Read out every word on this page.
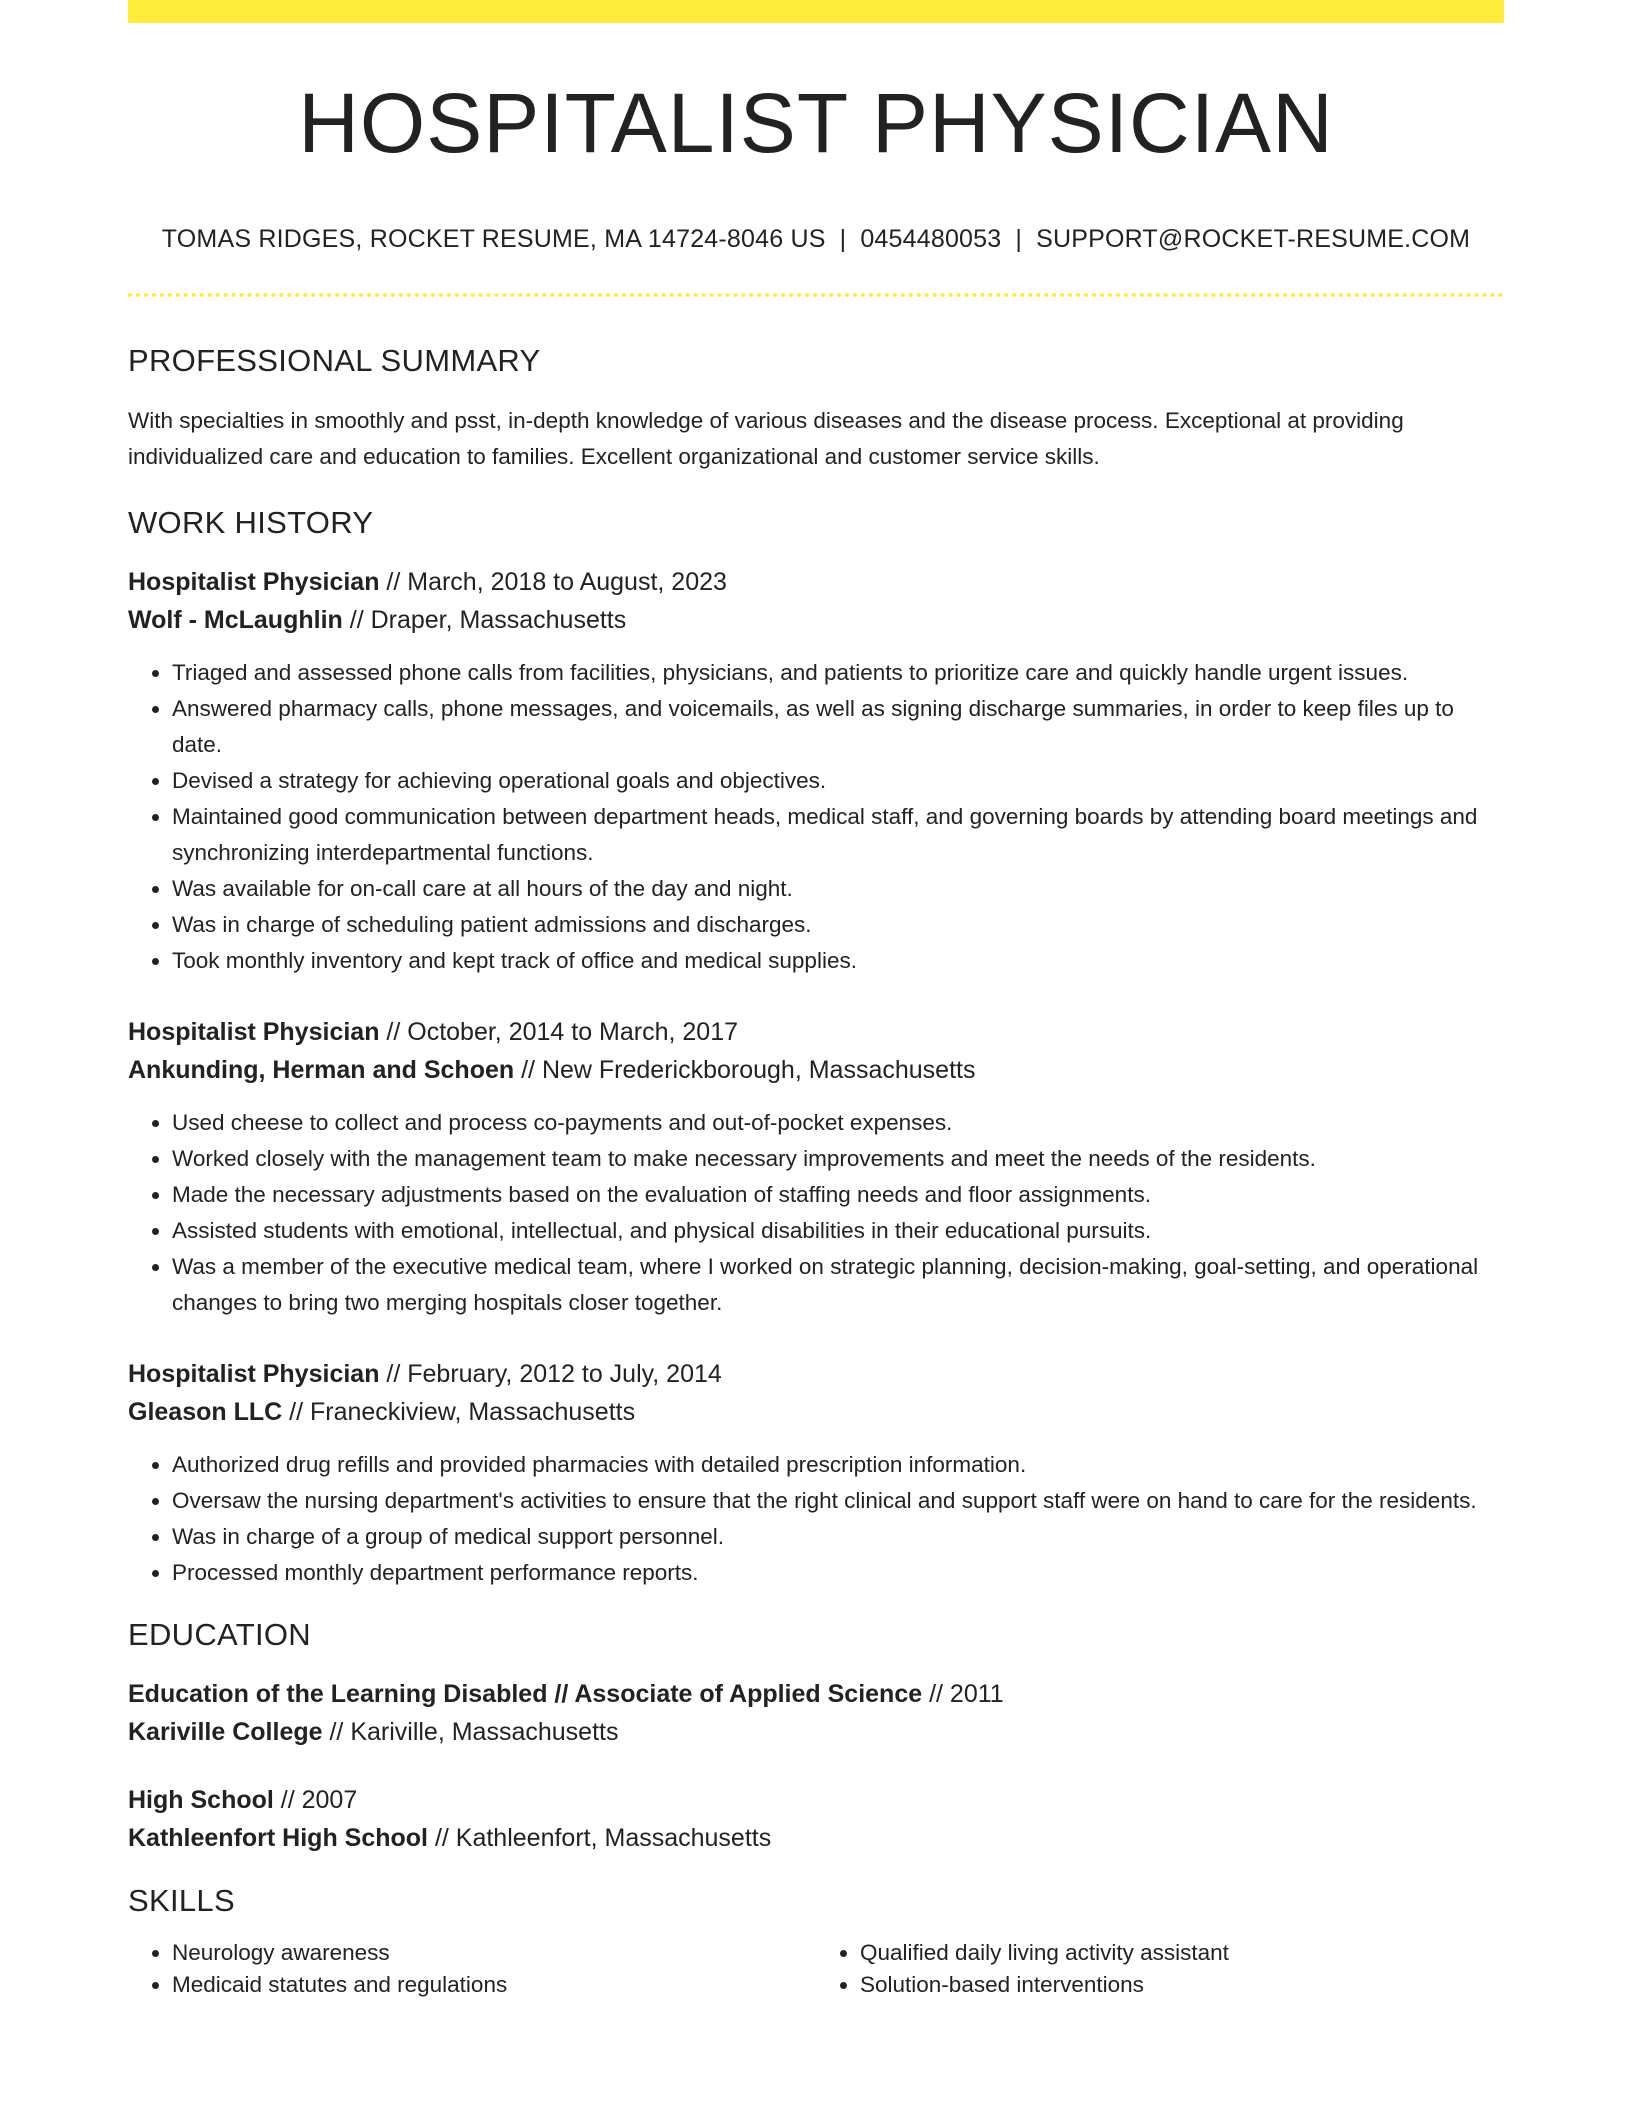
HOSPITALIST PHYSICIAN
TOMAS RIDGES, ROCKET RESUME, MA 14724-8046 US | 0454480053 | SUPPORT@ROCKET-RESUME.COM
PROFESSIONAL SUMMARY
With specialties in smoothly and psst, in-depth knowledge of various diseases and the disease process. Exceptional at providing individualized care and education to families. Excellent organizational and customer service skills.
WORK HISTORY
Hospitalist Physician // March, 2018 to August, 2023
Wolf - McLaughlin // Draper, Massachusetts
• Triaged and assessed phone calls from facilities, physicians, and patients to prioritize care and quickly handle urgent issues.
• Answered pharmacy calls, phone messages, and voicemails, as well as signing discharge summaries, in order to keep files up to date.
• Devised a strategy for achieving operational goals and objectives.
• Maintained good communication between department heads, medical staff, and governing boards by attending board meetings and synchronizing interdepartmental functions.
• Was available for on-call care at all hours of the day and night.
• Was in charge of scheduling patient admissions and discharges.
• Took monthly inventory and kept track of office and medical supplies.
Hospitalist Physician // October, 2014 to March, 2017
Ankunding, Herman and Schoen // New Frederickborough, Massachusetts
• Used cheese to collect and process co-payments and out-of-pocket expenses.
• Worked closely with the management team to make necessary improvements and meet the needs of the residents.
• Made the necessary adjustments based on the evaluation of staffing needs and floor assignments.
• Assisted students with emotional, intellectual, and physical disabilities in their educational pursuits.
• Was a member of the executive medical team, where I worked on strategic planning, decision-making, goal-setting, and operational changes to bring two merging hospitals closer together.
Hospitalist Physician // February, 2012 to July, 2014
Gleason LLC // Franeckiview, Massachusetts
• Authorized drug refills and provided pharmacies with detailed prescription information.
• Oversaw the nursing department's activities to ensure that the right clinical and support staff were on hand to care for the residents.
• Was in charge of a group of medical support personnel.
• Processed monthly department performance reports.
EDUCATION
Education of the Learning Disabled // Associate of Applied Science // 2011
Kariville College // Kariville, Massachusetts
High School // 2007
Kathleenfort High School // Kathleenfort, Massachusetts
SKILLS
• Neurology awareness
• Medicaid statutes and regulations
• Qualified daily living activity assistant
• Solution-based interventions
